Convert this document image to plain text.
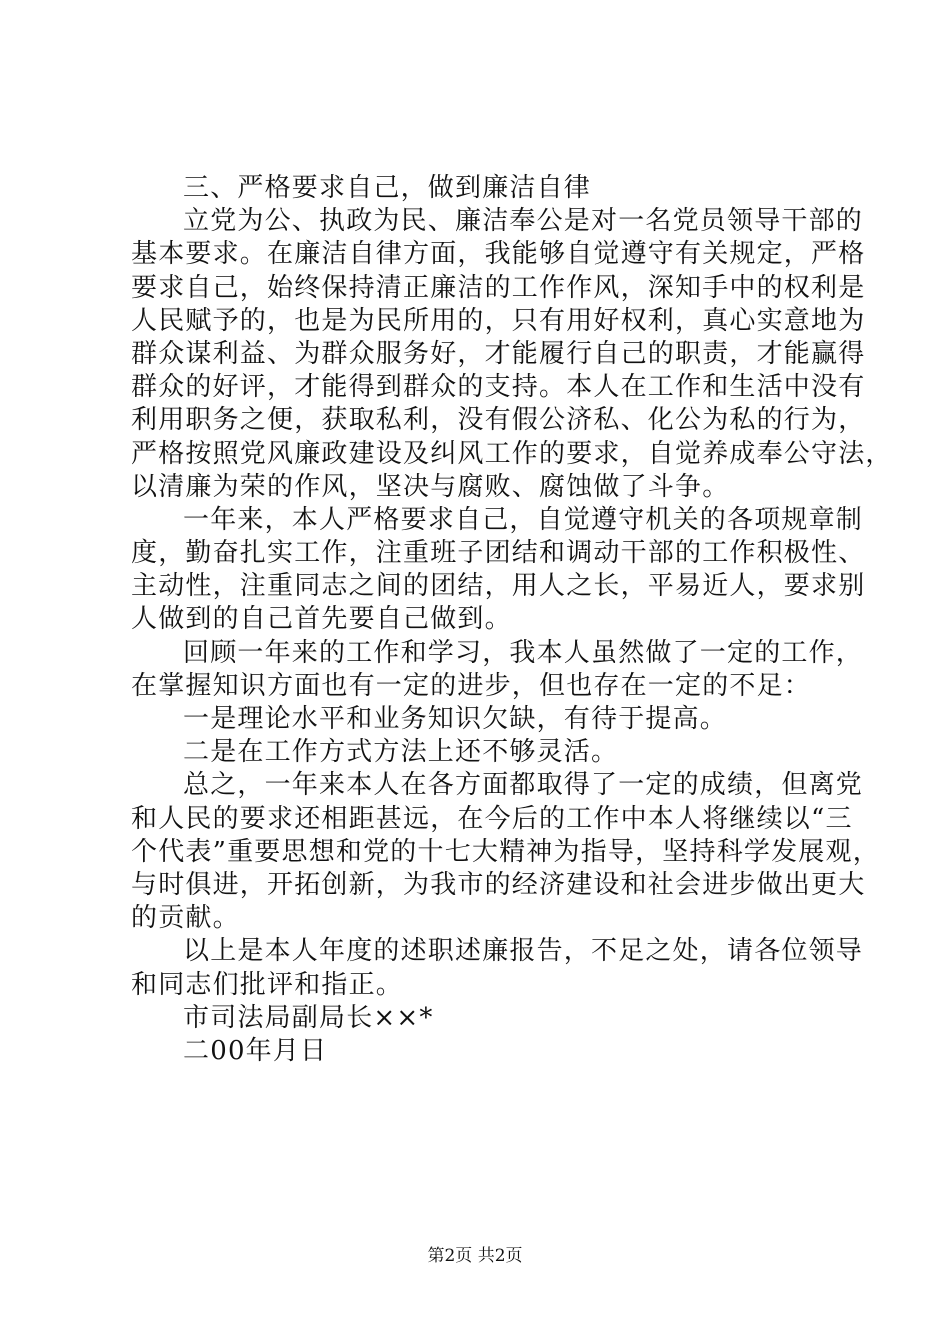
三、严格要求自己，做到廉洁自律
立党为公、执政为民、廉洁奉公是对一名党员领导干部的
基本要求。在廉洁自律方面，我能够自觉遵守有关规定，严格
要求自己，始终保持清正廉洁的工作作风，深知手中的权利是
人民赋予的，也是为民所用的，只有用好权利，真心实意地为
群众谋利益、为群众服务好，才能履行自己的职责，才能赢得
群众的好评，才能得到群众的支持。本人在工作和生活中没有
利用职务之便，获取私利，没有假公济私、化公为私的行为，
严格按照党风廉政建设及纠风工作的要求，自觉养成奉公守法，
以清廉为荣的作风，坚决与腐败、腐蚀做了斗争。
一年来，本人严格要求自己，自觉遵守机关的各项规章制
度，勤奋扎实工作，注重班子团结和调动干部的工作积极性、
主动性，注重同志之间的团结，用人之长，平易近人，要求别
人做到的自己首先要自己做到。
回顾一年来的工作和学习，我本人虽然做了一定的工作，
在掌握知识方面也有一定的进步，但也存在一定的不足：
一是理论水平和业务知识欠缺，有待于提高。
二是在工作方式方法上还不够灵活。
总之，一年来本人在各方面都取得了一定的成绩，但离党
和人民的要求还相距甚远，在今后的工作中本人将继续以“三
个代表”重要思想和党的十七大精神为指导，坚持科学发展观，
与时俱进，开拓创新，为我市的经济建设和社会进步做出更大
的贡献。
以上是本人年度的述职述廉报告，不足之处，请各位领导
和同志们批评和指正。
市司法局副局长××*
二00年月日
第2页 共2页
